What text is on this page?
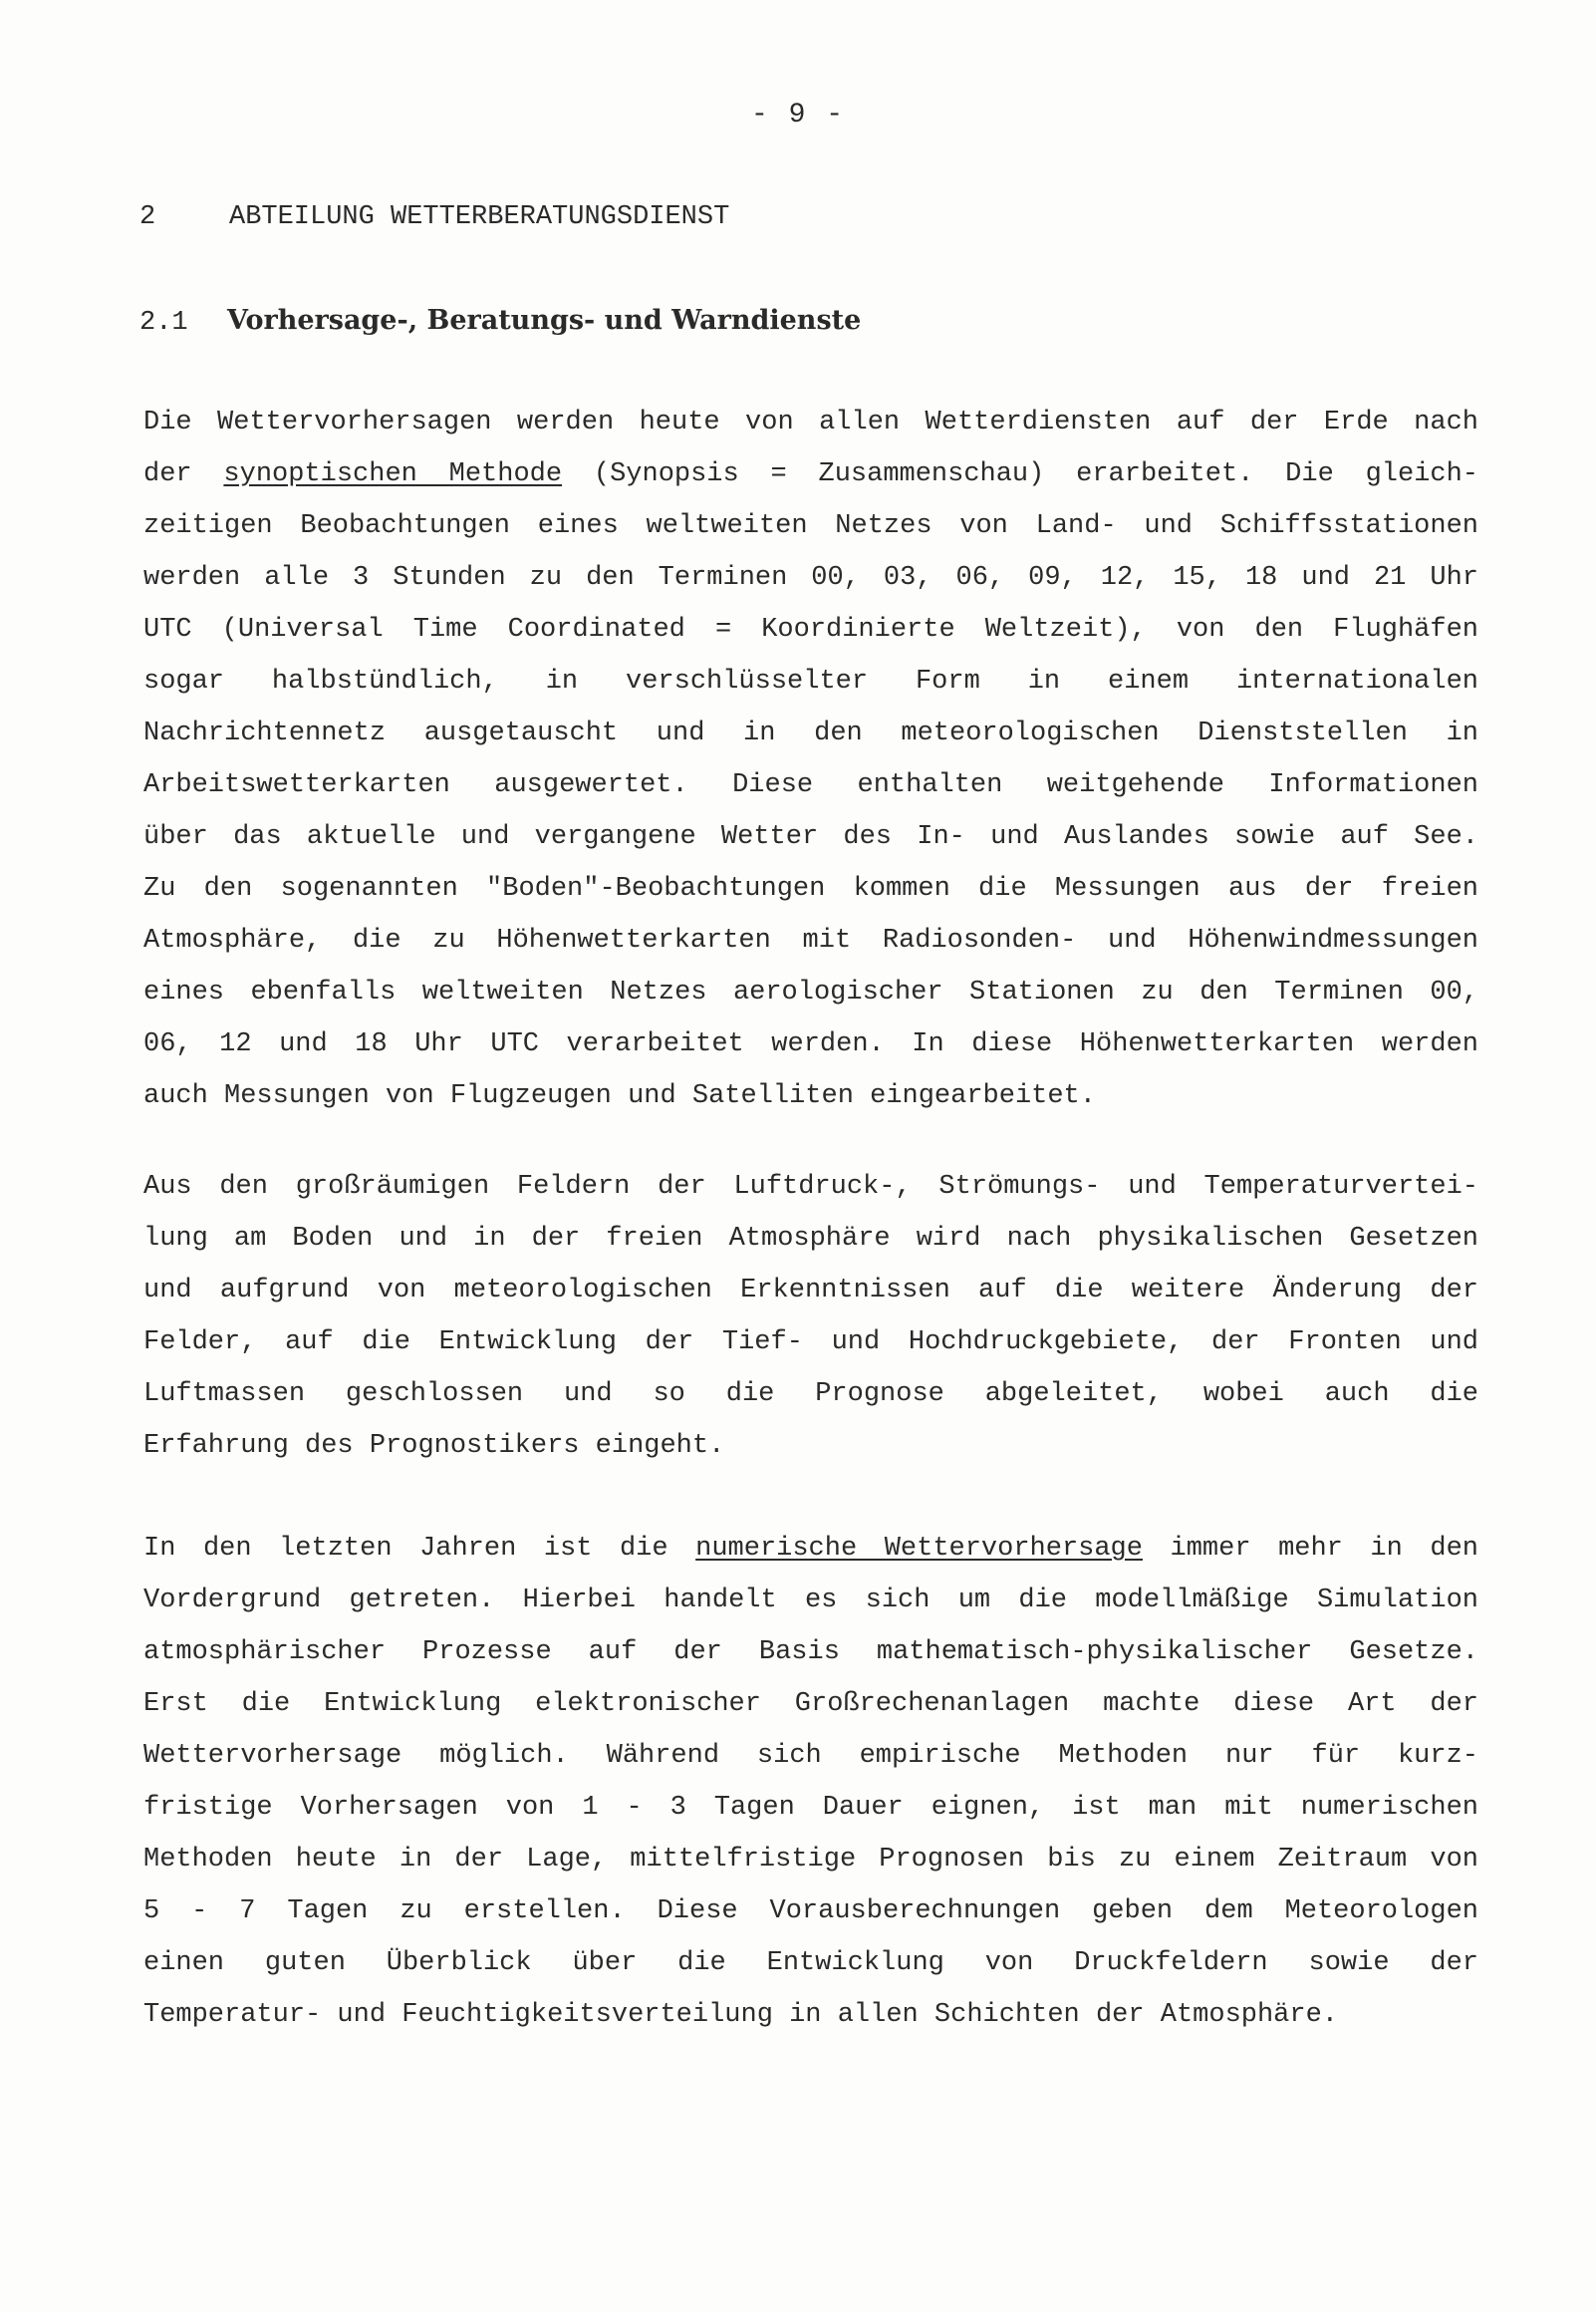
- 9 -
2	ABTEILUNG WETTERBERATUNGSDIENST
2.1 Vorhersage-, Beratungs- und Warndienste
Die Wettervorhersagen werden heute von allen Wetterdiensten auf der Erde nach
der synoptischen Methode (Synopsis = Zusammenschau) erarbeitet. Die gleich-
zeitigen Beobachtungen eines weltweiten Netzes von Land- und Schiffsstationen
werden alle 3 Stunden zu den Terminen 00, 03, 06, 09, 12, 15, 18 und 21 Uhr
UTC (Universal Time Coordinated = Koordinierte Weltzeit), von den Flughäfen
sogar halbstündlich, in verschlüsselter Form in einem internationalen
Nachrichtennetz ausgetauscht und in den meteorologischen Dienststellen in
Arbeitswetterkarten ausgewertet. Diese enthalten weitgehende Informationen
über das aktuelle und vergangene Wetter des In- und Auslandes sowie auf See.
Zu den sogenannten "Boden"-Beobachtungen kommen die Messungen aus der freien
Atmosphäre, die zu Höhenwetterkarten mit Radiosonden- und Höhenwindmessungen
eines ebenfalls weltweiten Netzes aerologischer Stationen zu den Terminen 00,
06, 12 und 18 Uhr UTC verarbeitet werden. In diese Höhenwetterkarten werden
auch Messungen von Flugzeugen und Satelliten eingearbeitet.
Aus den großräumigen Feldern der Luftdruck-, Strömungs- und Temperaturvertei-
lung am Boden und in der freien Atmosphäre wird nach physikalischen Gesetzen
und aufgrund von meteorologischen Erkenntnissen auf die weitere Änderung der
Felder, auf die Entwicklung der Tief- und Hochdruckgebiete, der Fronten und
Luftmassen geschlossen und so die Prognose abgeleitet, wobei auch die
Erfahrung des Prognostikers eingeht.
In den letzten Jahren ist die numerische Wettervorhersage immer mehr in den
Vordergrund getreten. Hierbei handelt es sich um die modellmäßige Simulation
atmosphärischer Prozesse auf der Basis mathematisch-physikalischer Gesetze.
Erst die Entwicklung elektronischer Großrechenanlagen machte diese Art der
Wettervorhersage möglich. Während sich empirische Methoden nur für kurz-
fristige Vorhersagen von 1 - 3 Tagen Dauer eignen, ist man mit numerischen
Methoden heute in der Lage, mittelfristige Prognosen bis zu einem Zeitraum von
5 - 7 Tagen zu erstellen. Diese Vorausberechnungen geben dem Meteorologen
einen guten Überblick über die Entwicklung von Druckfeldern sowie der
Temperatur- und Feuchtigkeitsverteilung in allen Schichten der Atmosphäre.
